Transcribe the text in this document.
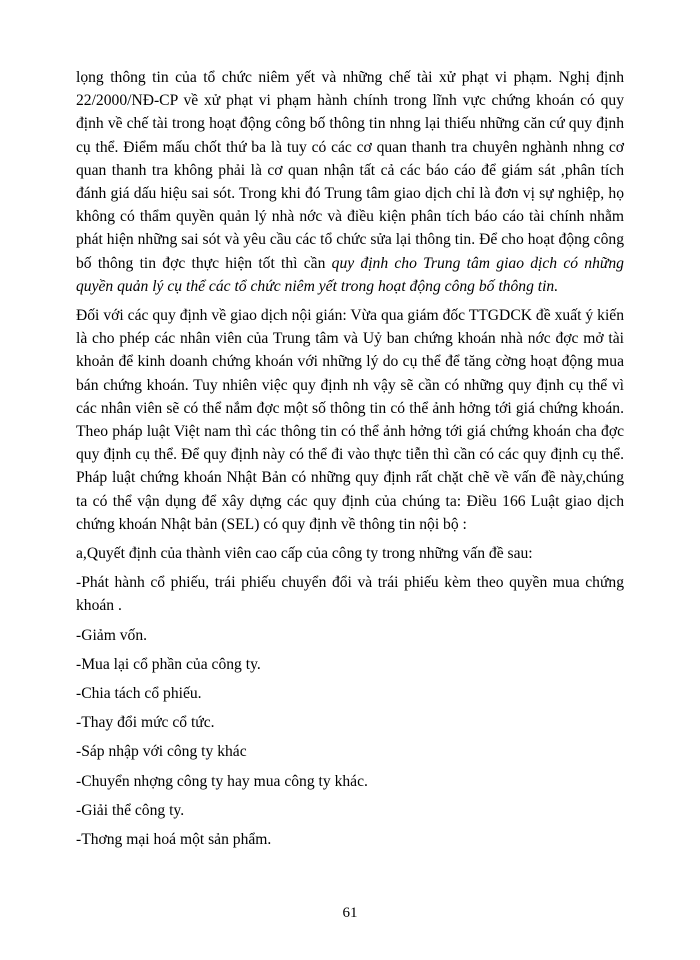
lọng thông tin của tổ chức niêm yết và những chế tài xử phạt vi phạm. Nghị định 22/2000/NĐ-CP về xử phạt vi phạm hành chính trong lĩnh vực chứng khoán có quy định về chế tài trong hoạt động công bố thông tin nhng lại thiếu những căn cứ quy định cụ thể. Điểm mấu chốt thứ ba là tuy có các cơ quan thanh tra chuyên nghành nhng cơ quan thanh tra không phải là cơ quan nhận tất cả các báo cáo để giám sát ,phân tích đánh giá dấu hiệu sai sót. Trong khi đó Trung tâm giao dịch chỉ là đơn vị sự nghiệp, họ không có thẩm quyền quản lý nhà nớc và điều kiện phân tích báo cáo tài chính nhằm phát hiện những sai sót và yêu cầu các tổ chức sửa lại thông tin. Để cho hoạt động công bố thông tin đợc thực hiện tốt thì cần quy định cho Trung tâm giao dịch có những quyền quản lý cụ thể các tổ chức niêm yết trong hoạt động công bố thông tin.

Đối với các quy định về giao dịch nội gián: Vừa qua giám đốc TTGDCK đề xuất ý kiến là cho phép các nhân viên của Trung tâm và Uỷ ban chứng khoán nhà nớc đợc mở tài khoản để kinh doanh chứng khoán với những lý do cụ thể để tăng cờng hoạt động mua bán chứng khoán. Tuy nhiên việc quy định nh vậy sẽ cần có những quy định cụ thể vì các nhân viên sẽ có thể nắm đợc một số thông tin có thể ảnh hởng tới giá chứng khoán. Theo pháp luật Việt nam thì các thông tin có thể ảnh hởng tới giá chứng khoán cha đợc quy định cụ thể. Để quy định này có thể đi vào thực tiễn thì cần có các quy định cụ thể. Pháp luật chứng khoán Nhật Bản có những quy định rất chặt chẽ về vấn đề này,chúng ta có thể vận dụng để xây dựng các quy định của chúng ta: Điều 166 Luật giao dịch chứng khoán Nhật bản (SEL) có quy định về thông tin nội bộ :

a,Quyết định của thành viên cao cấp của công ty trong những vấn đề sau:

-Phát hành cổ phiếu, trái phiếu chuyển đổi và trái phiếu kèm theo quyền mua chứng khoán .
-Giảm vốn.
-Mua lại cổ phần của công ty.
-Chia tách cổ phiếu.
-Thay đổi mức cổ tức.
-Sáp nhập với công ty khác
-Chuyển nhợng công ty hay mua công ty khác.
-Giải thể công ty.
-Thơng mại hoá một sản phẩm.
61
